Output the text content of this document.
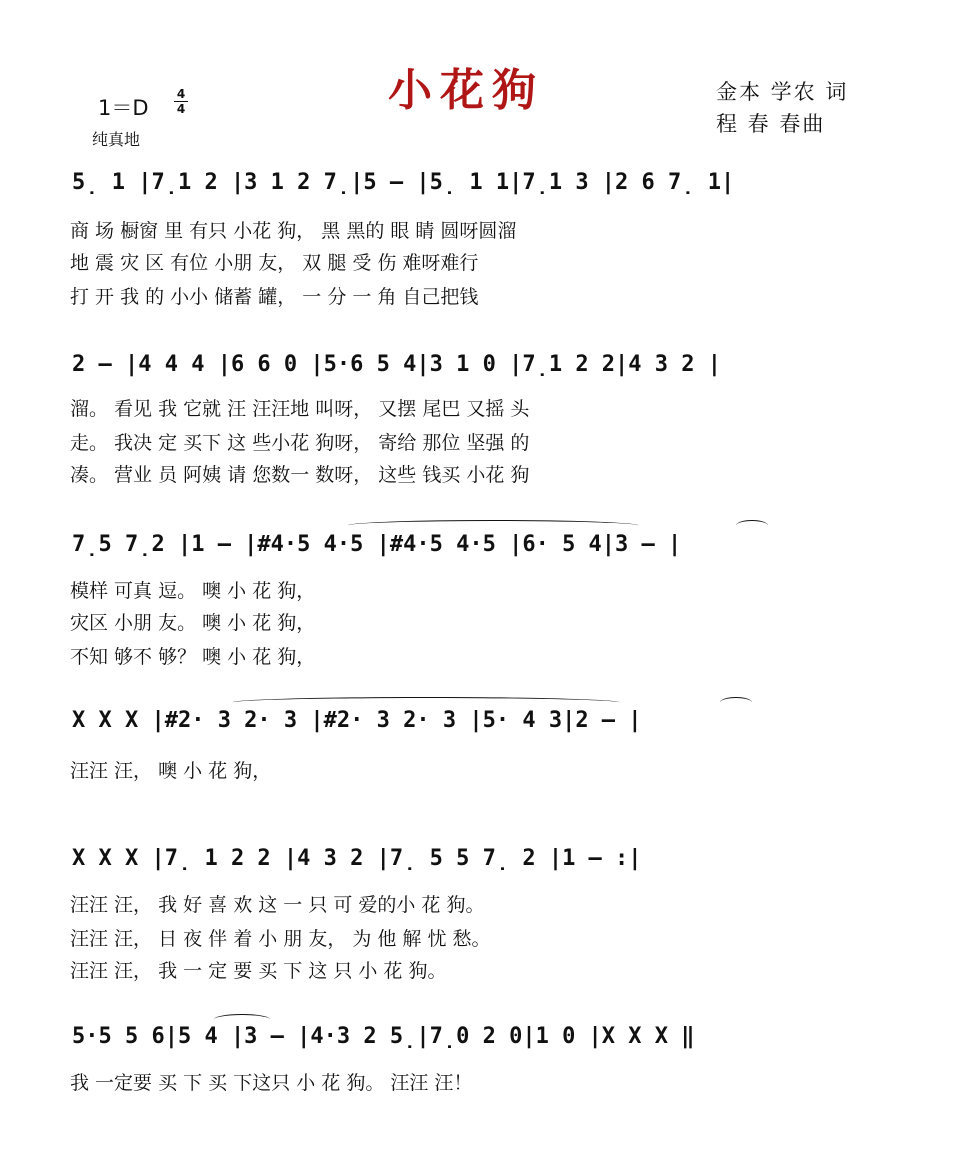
1＝D
4
4
纯真地
小花狗	金本 学农 词
程 春 春曲
5̣ 1 |7̣1 2 |3 1 2 7̣|5 — |5̣ 1 1|7̣1 3 |2 6 7̣ 1|
商 场 橱窗 里 有只 小花 狗， 黑 黑的 眼 睛 圆呀圆溜
地 震 灾 区 有位 小朋 友， 双 腿 受 伤 难呀难行
打 开 我 的 小小 储蓄 罐， 一 分 一 角 自己把钱
2 — |4 4 4 |6 6 0 |5·6 5 4|3 1 0 |7̣1 2 2|4 3 2 |
溜。 看见 我 它就 汪 汪汪地 叫呀， 又摆 尾巴 又摇 头
走。 我决 定 买下 这 些小花 狗呀， 寄给 那位 坚强 的
凑。 营业 员 阿姨 请 您数一 数呀， 这些 钱买 小花 狗
7̣5 7̣2 |1 — |#4·5 4·5 |#4·5 4·5 |6· 5 4|3 — |
模样 可真 逗。 噢 小 花 狗，
灾区 小朋 友。 噢 小 花 狗，
不知 够不 够？ 噢 小 花 狗，
X X X |#2· 3 2· 3 |#2· 3 2· 3 |5· 4 3|2 — |
汪汪 汪， 噢 小 花 狗，
X X X |7̣ 1 2 2 |4 3 2 |7̣ 5 5 7̣ 2 |1 — :|
汪汪 汪， 我 好 喜 欢 这 一 只 可 爱的小 花 狗。
汪汪 汪， 日 夜 伴 着 小 朋 友， 为 他 解 忧 愁。
汪汪 汪， 我 一 定 要 买 下 这 只 小 花 狗。
5·5 5 6|5 4 |3 — |4·3 2 5̣|7̣0 2 0|1 0 |X X X ‖
我 一定要 买 下 买 下这只 小 花 狗。 汪汪 汪！
